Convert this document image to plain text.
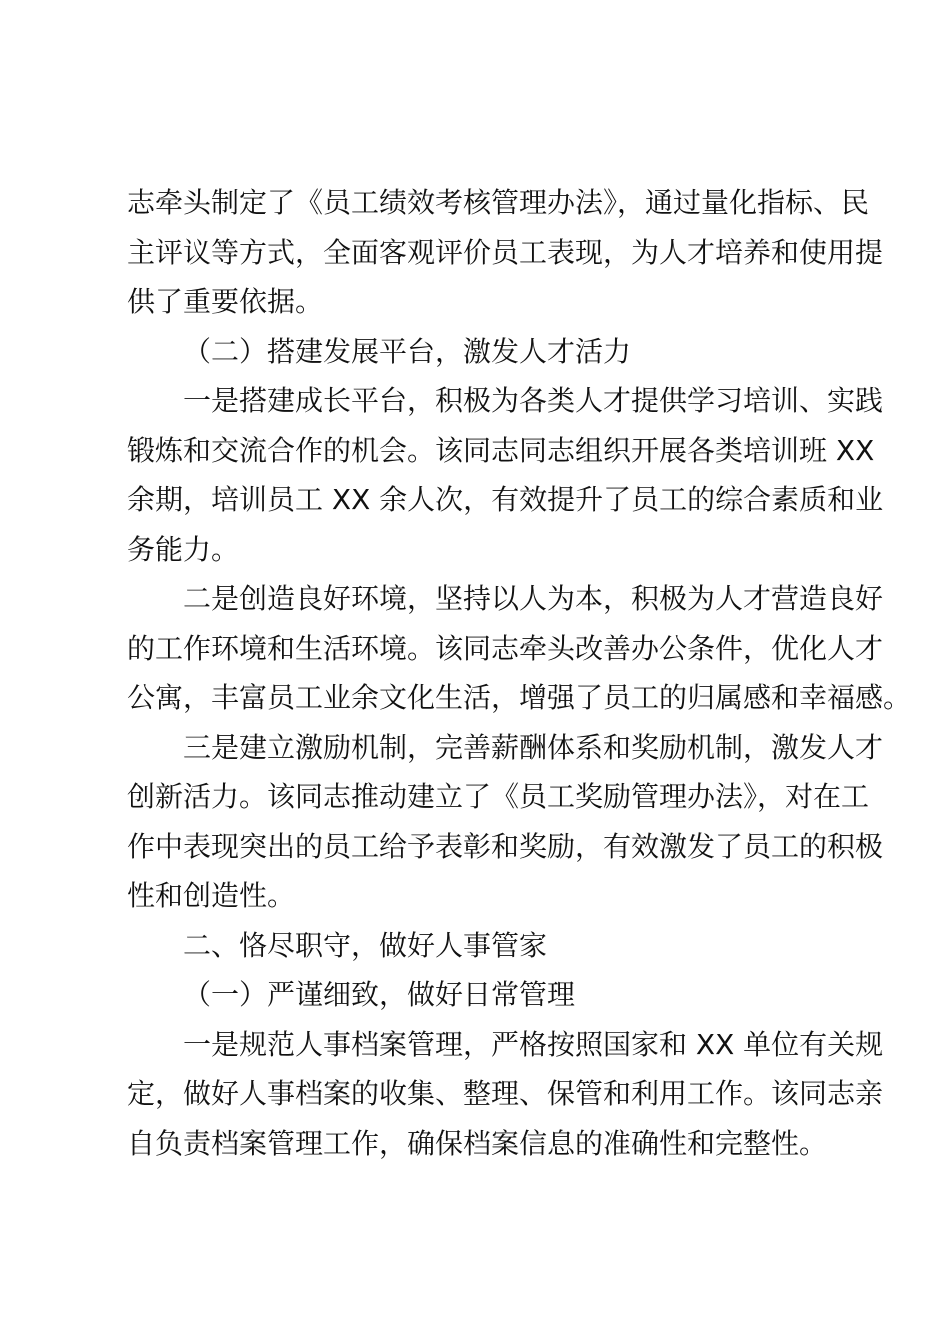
志牵头制定了《员工绩效考核管理办法》，通过量化指标、民
主评议等方式，全面客观评价员工表现，为人才培养和使用提
供了重要依据。

（二）搭建发展平台，激发人才活力

一是搭建成长平台，积极为各类人才提供学习培训、实践
锻炼和交流合作的机会。该同志同志组织开展各类培训班 XX
余期，培训员工 XX 余人次，有效提升了员工的综合素质和业
务能力。

二是创造良好环境，坚持以人为本，积极为人才营造良好
的工作环境和生活环境。该同志牵头改善办公条件，优化人才
公寓，丰富员工业余文化生活，增强了员工的归属感和幸福感。

三是建立激励机制，完善薪酬体系和奖励机制，激发人才
创新活力。该同志推动建立了《员工奖励管理办法》，对在工
作中表现突出的员工给予表彰和奖励，有效激发了员工的积极
性和创造性。

二、恪尽职守，做好人事管家

（一）严谨细致，做好日常管理

一是规范人事档案管理，严格按照国家和 XX 单位有关规
定，做好人事档案的收集、整理、保管和利用工作。该同志亲
自负责档案管理工作，确保档案信息的准确性和完整性。
